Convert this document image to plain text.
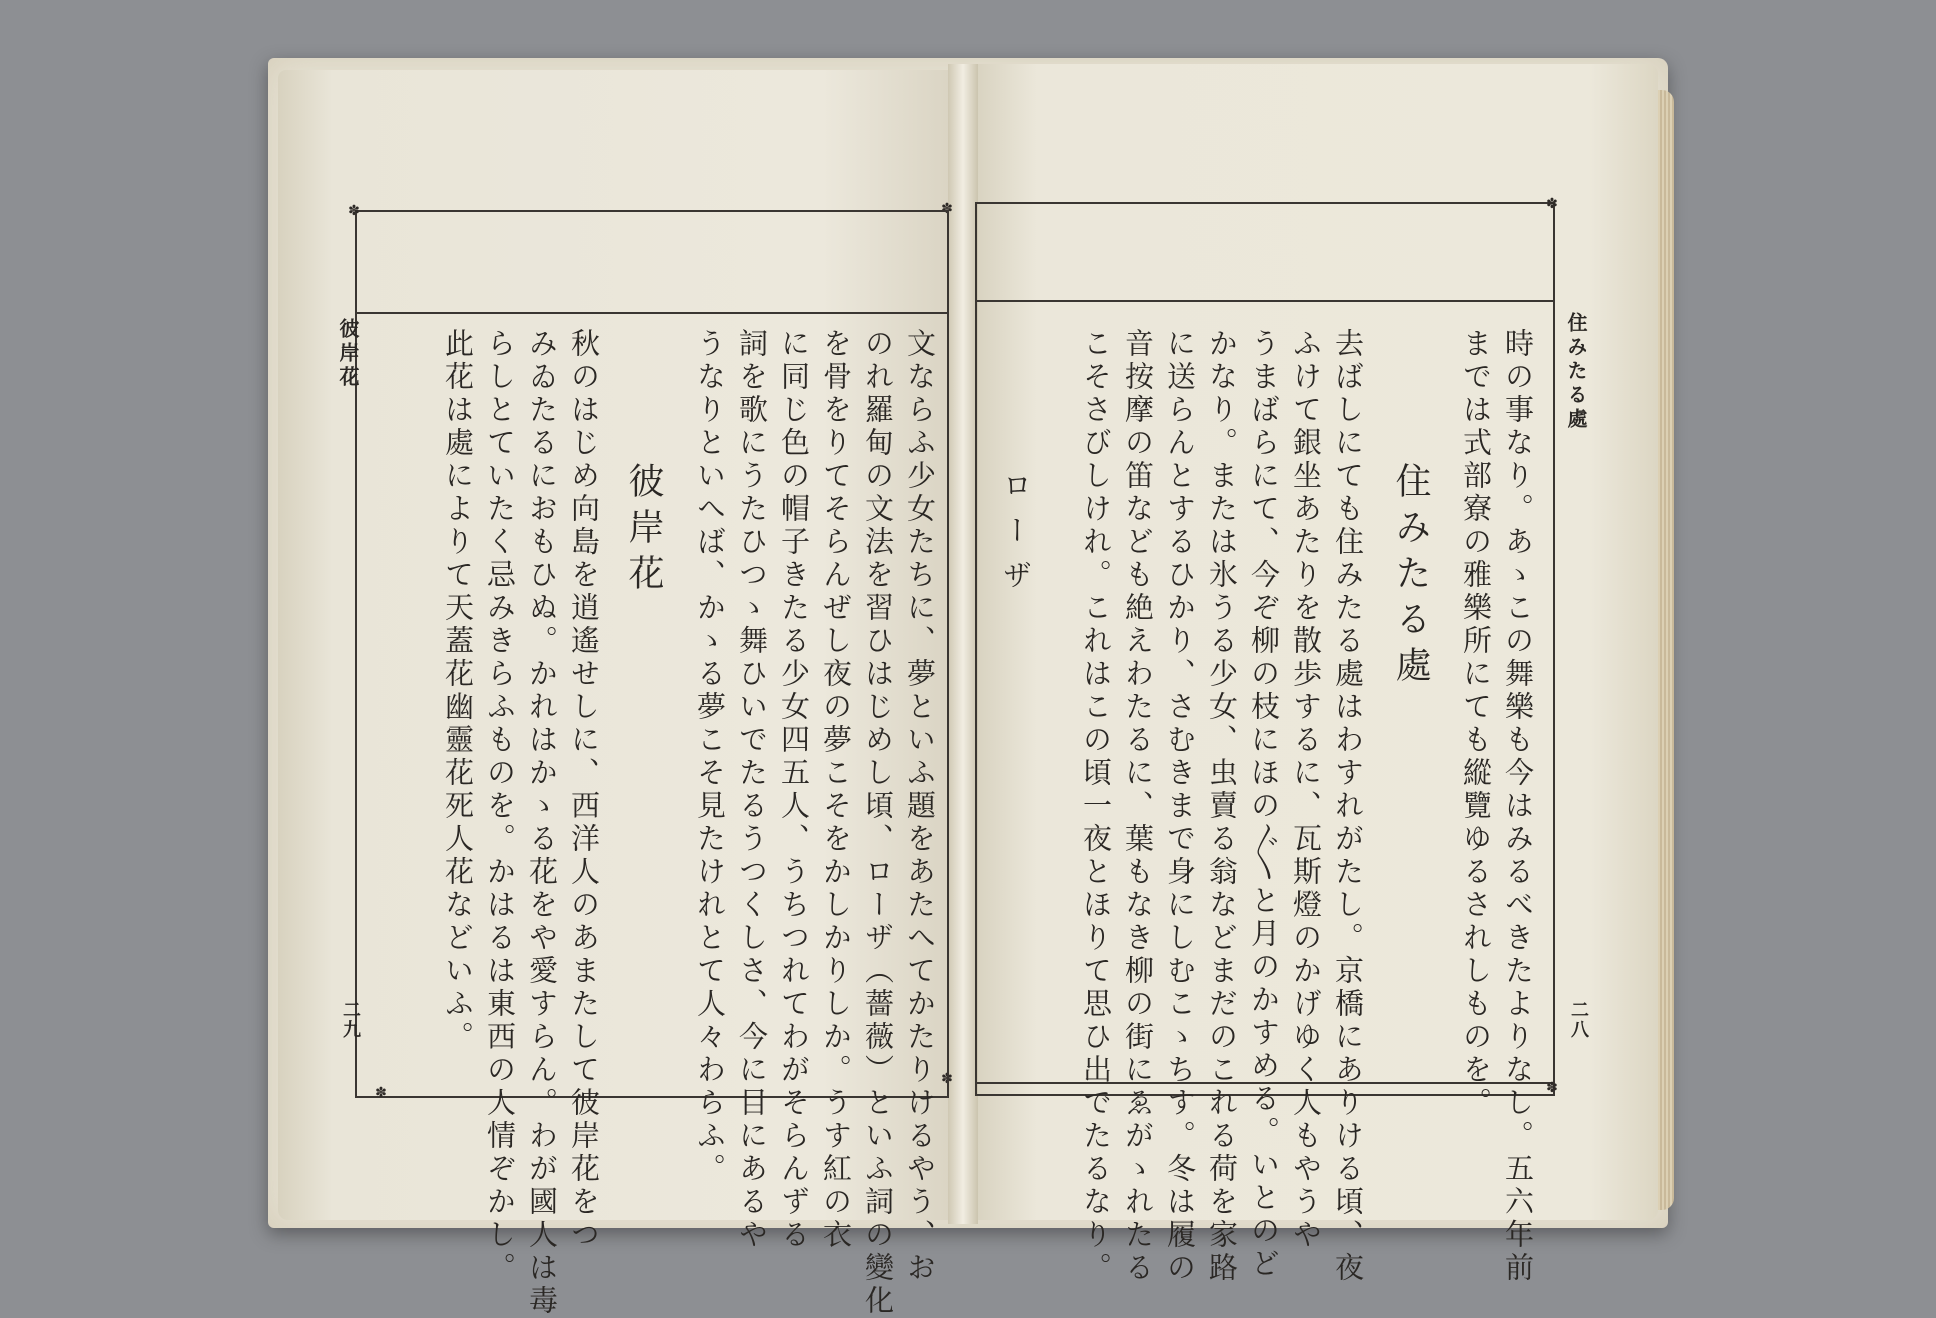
✽
✽
✽
✽
✽
✽
住みたる處
二八
時の事なり。あゝこの舞樂も今はみるべきたよりなし。五六年前
までは式部寮の雅樂所にても縱覽ゆるされしものを。
去ばしにても住みたる處はわすれがたし。京橋にありける頃、夜
ふけて銀坐あたりを散歩するに、瓦斯燈のかげゆく人もやうや
うまばらにて、今ぞ柳の枝にほの〴〵と月のかすめる。いとのど
かなり。または氷うる少女、虫賣る翁などまだのこれる荷を家路
に送らんとするひかり、さむきまで身にしむこゝちす。冬は履の
音按摩の笛なども絶えわたるに、葉もなき柳の街にゑがゝれたる
こそさびしけれ。これはこの頃一夜とほりて思ひ出でたるなり。	住みたる處
ローザ
彼岸花
二九	文ならふ少女たちに、夢といふ題をあたへてかたりけるやう、お
のれ羅甸の文法を習ひはじめし頃、ローザ（薔薇）といふ詞の變化
を骨をりてそらんぜし夜の夢こそをかしかりしか。うす紅の衣
に同じ色の帽子きたる少女四五人、うちつれてわがそらんずる
詞を歌にうたひつゝ舞ひいでたるうつくしさ、今に目にあるや
うなりといへば、かゝる夢こそ見たけれとて人々わらふ。
彼岸花
秋のはじめ向島を逍遙せしに、西洋人のあまたして彼岸花をつ
みゐたるにおもひぬ。かれはかゝる花をや愛すらん。わが國人は毒
らしとていたく忌みきらふものを。かはるは東西の人情ぞかし。
此花は處によりて天蓋花幽靈花死人花などいふ。
